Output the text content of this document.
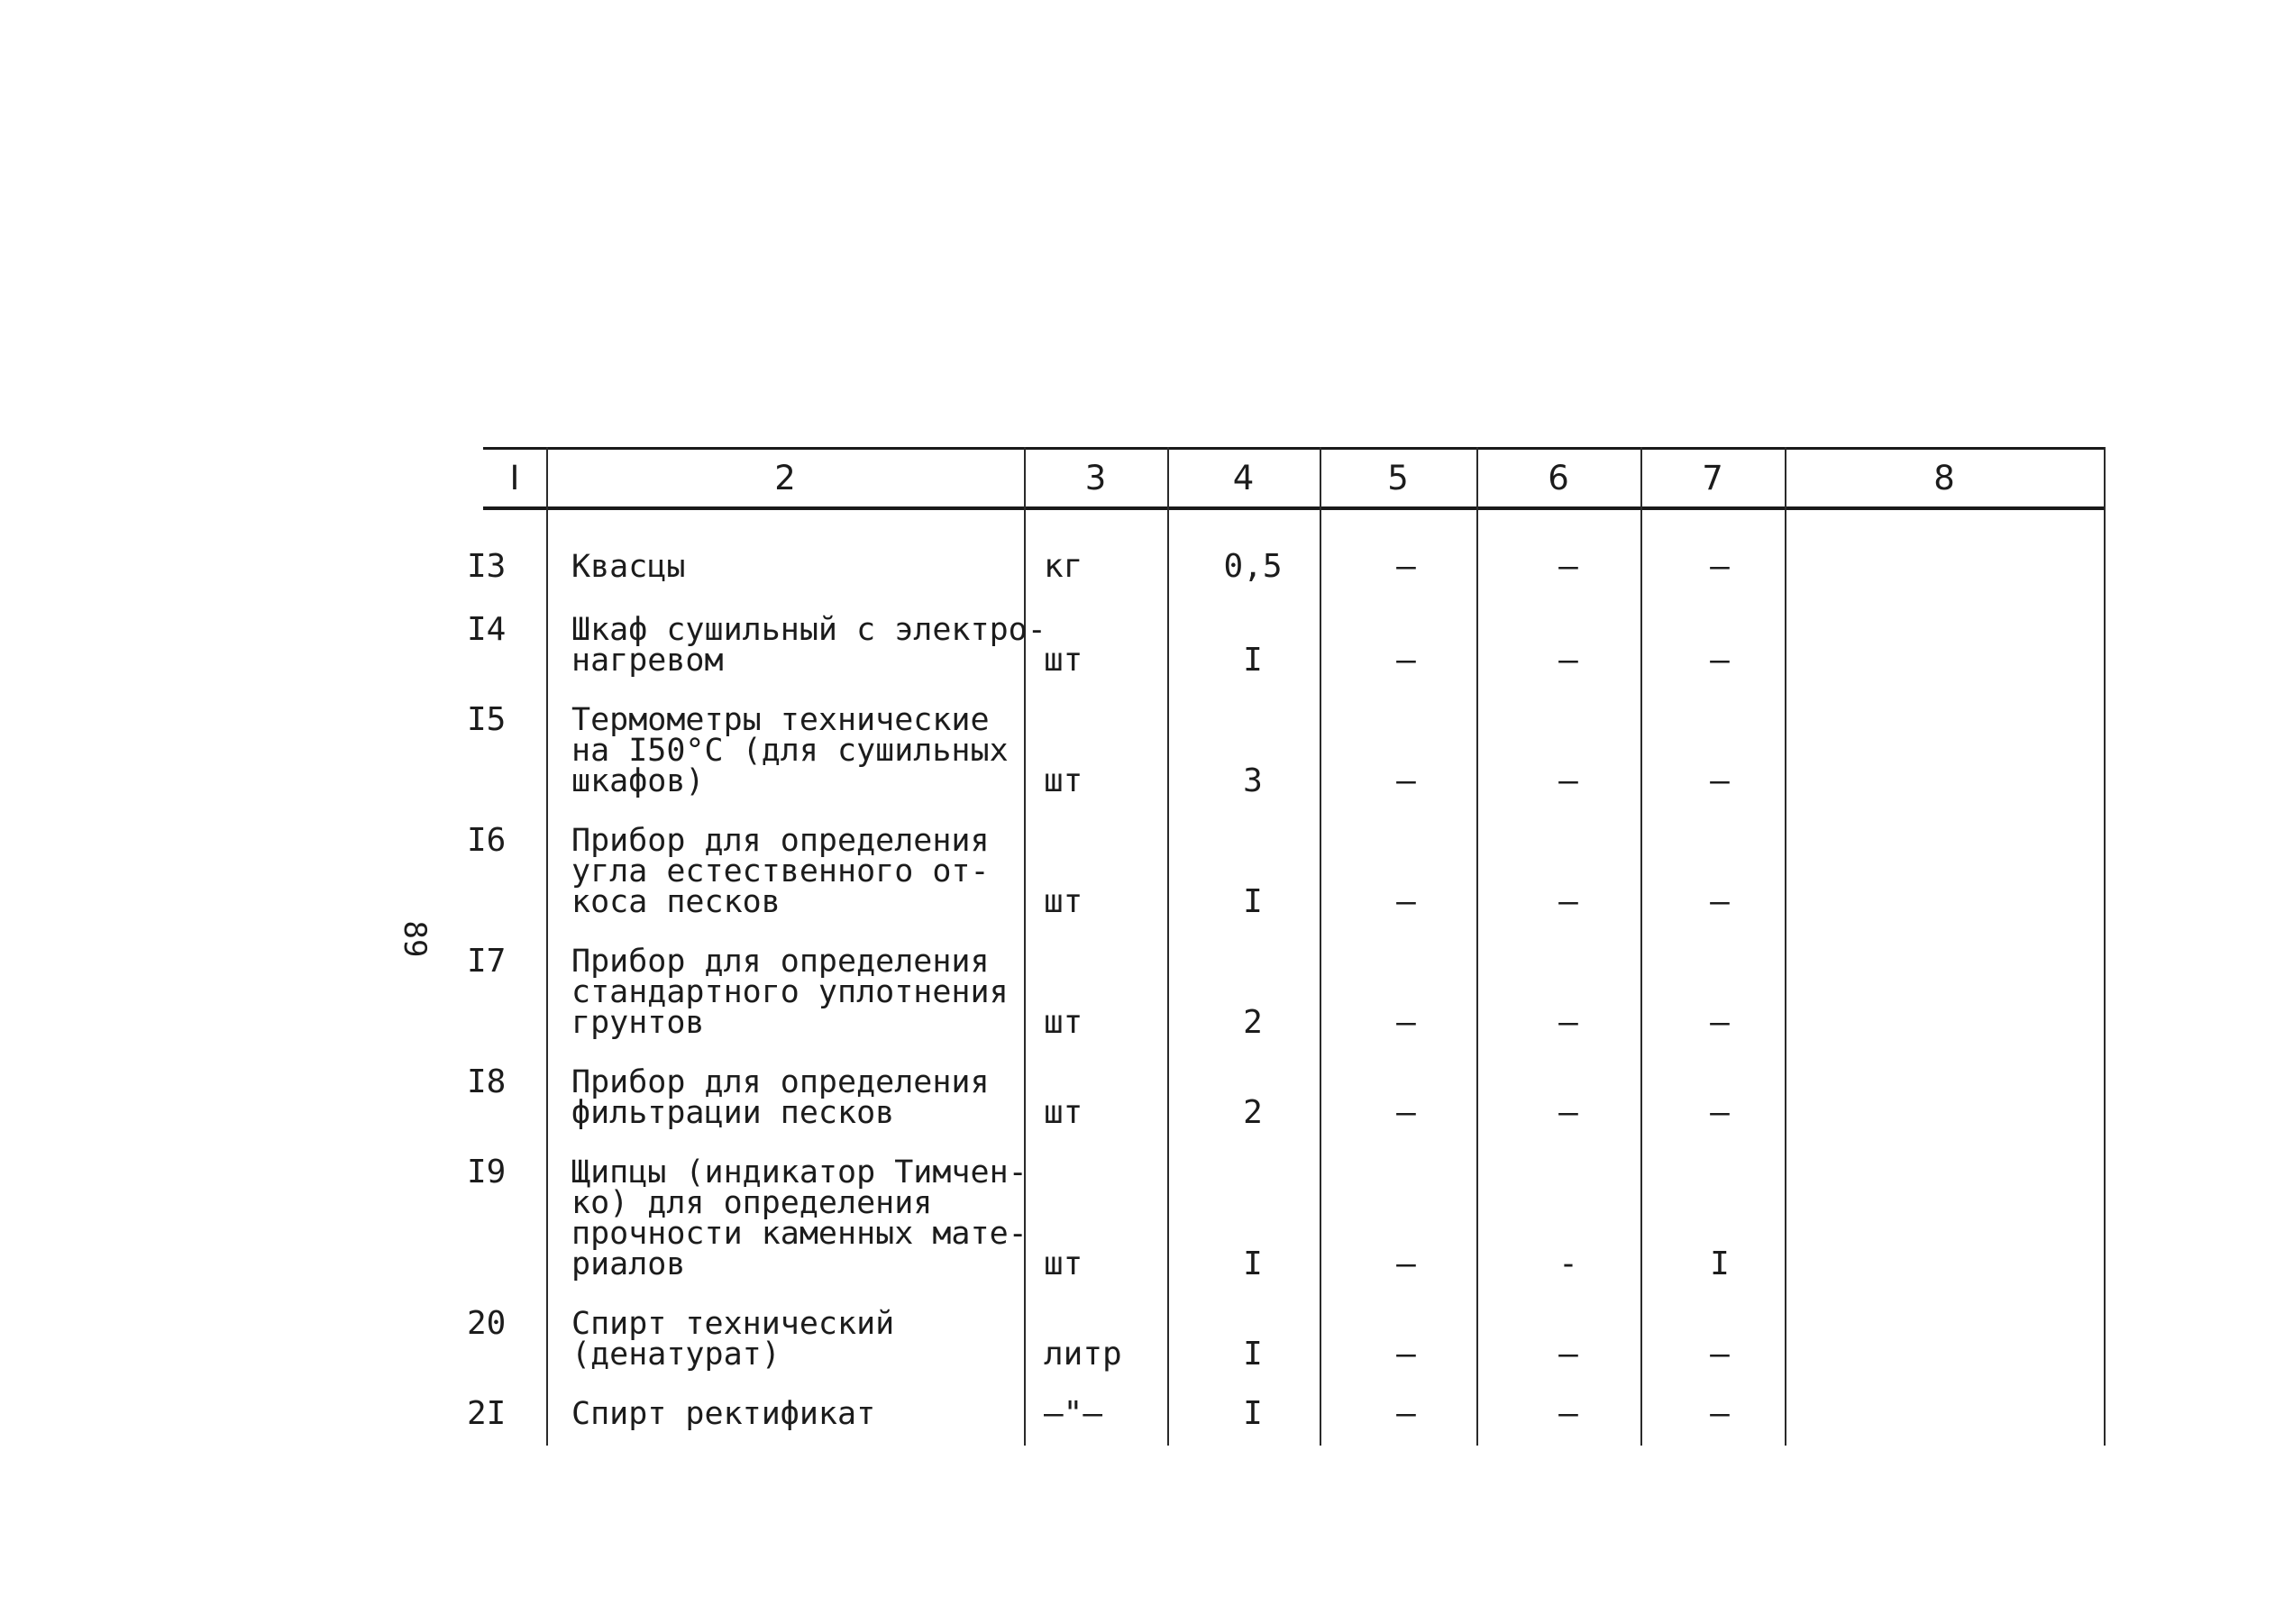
89
I	2	3	4	5	6	7	8
I3	Квасцы	кг	0,5	–	–	–
I4	Шкаф сушильный с электро-
нагревом	шт	I	–	–	–
I5	Термометры технические
на I50°С (для сушильных
шкафов)	шт	3	–	–	–
I6	Прибор для определения
угла естественного от-
коса песков	шт	I	–	–	–
I7	Прибор для определения
стандартного уплотнения
грунтов	шт	2	–	–	–
I8	Прибор для определения
фильтрации песков	шт	2	–	–	–
I9	Щипцы (индикатор Тимчен-
ко) для определения
прочности каменных мате-
риалов	шт	I	–	-	I
20	Спирт технический
(денатурат)	литр	I	–	–	–
2I	Спирт ректификат	–"–	I	–	–	–
